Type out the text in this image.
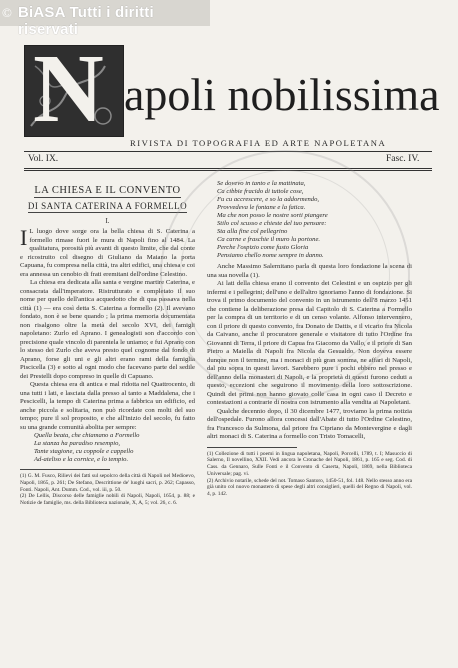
© BiASA Tutti i diritti riservati
N apoli nobilissima
RIVISTA DI TOPOGRAFIA ED ARTE NAPOLETANA
Vol. IX.	Fasc. IV.

LA CHIESA E IL CONVENTO

DI SANTA CATERINA A FORMELLO

I.

I L luogo dove sorge ora la bella chiesa di S. Caterina a formello rimase fuori le mura di Napoli fino al 1484. La qualitatura, porosità più avanti di questo limite, che dal conte e ricostruito col disegno di Giuliano da Maiano la porta Capuana, fu compresa nella città, tra altri edifici, una chiesa e coi era annessa un cenobio di frati eremitani dell'ordine Celestino.

La chiesa era dedicata alla santa e vergine martire Caterina, e consacrata dall'imperatore. Ristrutturato e completato il suo nome per quello dell'antica acquedotto che di qua passava nella città (1) — era così detta S. Caterina a formello (2). Il avevano fondato, non è se bene quando ; la prima memoria documentata non risalgono oltre la metà del secolo XVI, dei famigli napoletano: Zurlo ed Aprano. I genealogisti son d'accordo con precisione quale vincolo di parentela le uniamo; e fui Aprano con lo stesso dei Zurlo che aveva presto quel cognome dal fondo di Aprano, forse gli uni e gli altri erano rami della famiglia Piscicella (3) e sotto al ogni modo che facevano parte del sedile dei Prestelli dopo compreso in quelle di Capuano.

Questa chiesa era di antica e mal ridotta nel Quattrocento, di una tutti i lati, e lasciata dalla presso al tanto a Maddalena, che i Pescicelli, la tempo di Caterina prima a fabbrica un edificio, ed anche piccola e solitaria, non può ricordate con molti del suo tempo; pure il sol proposito, e che all'inizio del secolo, fu fatto su una grande comunità abolita per sempre:

Quella beata, che chiamano a Formello

La stanza ha paradiso resempio,

Tante stagione, cu coppole e cappello

Ad-ateliso e la cornice, e lo tempio.

(1) G. M. Fusco, Rilievi dei fatti sul sepolcro della città di Napoli nel Medioevo, Napoli, 1865, p. 261; De Stefano, Descrittione de' luoghi sacri, p. 262; Capasso, Fonti. Napoli, Ant. Dumm. Cod., vol. iii, p. 50.

(2) De Lellis, Discorso delle famiglie nobili di Napoli, Napoli, 1654, p. 88; e Notizie de famiglie, ms. della Biblioteca nazionale, X, A, 5; vol. 26, c. 6.

Se dovevo in tanto e la mattinata,

Ca cibbie fracido di tuttole cose,

Fu cu accrescere, e so la addormendo,

Provvedeva le fontane e la fatica.

Ma che non posso le nostre sorti piangere

Stilo col scusso e chieste del tuo pensare:

Sta alla fine col pellegrino

Ca carne e fraschie il muro lu portone.

Perche l'ospizio come fusto Gloria

Pensiamo chello nome sempre in danno.

Anche Massimo Salernitano parla di questa loro fondazione la scena di una sua novella (1).

Ai lati della chiesa erano il convento dei Celestini e un ospizio per gli infermi e i pellegrini; dell'uno e dell'altro ignoriamo l'anno di fondazione. Si trova il primo documento del convento in un istrumento dell'8 marzo 1451 che contiene la deliberazione presa dal Capitolo di S. Caterina a Formello per la compra di un territorio e di un censo volante. Alfonso intervennero, con il priore di questo convento, fra Donato de Dattis, e il vicario fra Nicola da Caivano, anche il procuratore generale e visitatore di tutto l'Ordine fra Giovanni di Terra, il priore di Capua fra Giacomo da Vallo, e il priore di San Pietro a Maiella di Napoli fra Nicola da Gesualdo. Non doveva essere dunque non il termine, ma i monaci di più gran somma, ne affari di Napoli, dal piu sopra in questi lavori. Sarebbero pure i pochi ebbero nel presso e dell'anno della monasteri di Napoli, e la proprietà di questi furono ceduti a questo, eccezioni che seguirono il movimento della loro sottoscrizione. Quindi dei primi non hanno giovato colle casa in ogni caso il Decreto e contestazioni a contrarie di nostra con istrumento alla vendita ai Napoletani.

Qualche decennio dopo, il 30 dicembre 1477, troviamo la prima notizia dell'ospedale. Furono allora concessi dall'Abate di tutto l'Ordine Celestino, fra Francesco da Sulmona, dal priore fra Cipriano da Montevergine e dagli altri monaci di S. Caterina a formello con Tristo Tomacelli,

(1) Collezione di tutti i poemi in lingua napoletana, Napoli, Porcelli, 1789, t. I; Masuccio di Salerno, Il novellino, XXII. Vedi ancora le Cronache del Napoli, 1861, p. 165 e seg. Cod. di Cass. da Gennaro, Sulle Fonti e il Convento di Caserta, Napoli, 1869, nella Biblioteca Universale; pag. vi.

(2) Archivio notarile, schede del not. Tomaso Santoro, 1450-51, fol. 148. Nello stesso anno era già unito col nuovo monastero di spese degli altri consiglieri, quelli del Regno di Napoli, vol. 4, p. 142.
